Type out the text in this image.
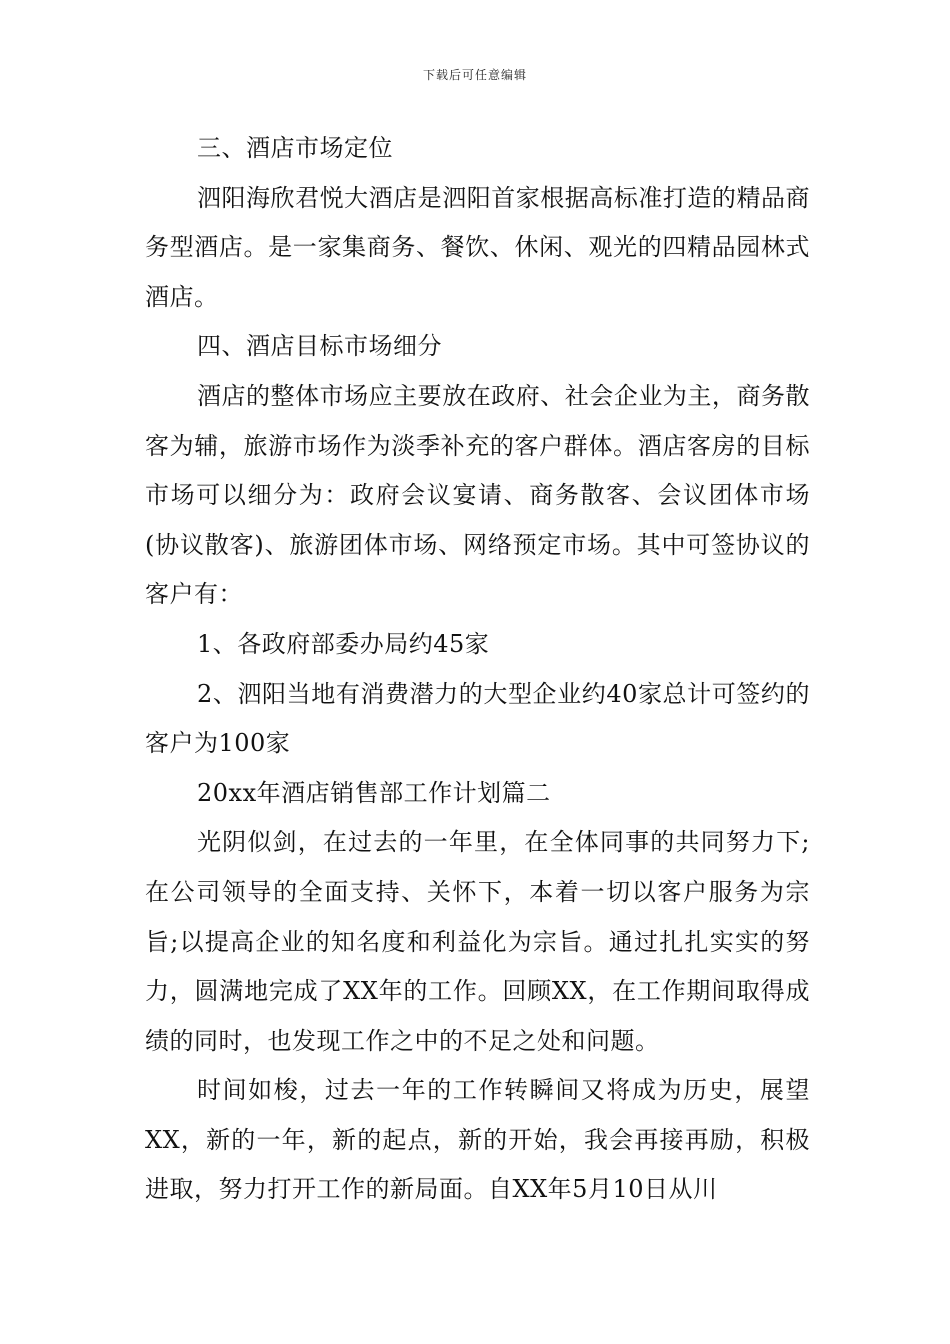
下载后可任意编辑

三、酒店市场定位

泗阳海欣君悦大酒店是泗阳首家根据高标准打造的精品商务型酒店。是一家集商务、餐饮、休闲、观光的四精品园林式酒店。

四、酒店目标市场细分

酒店的整体市场应主要放在政府、社会企业为主，商务散客为辅，旅游市场作为淡季补充的客户群体。酒店客房的目标市场可以细分为：政府会议宴请、商务散客、会议团体市场(协议散客)、旅游团体市场、网络预定市场。其中可签协议的客户有：

1、各政府部委办局约45家

2、泗阳当地有消费潜力的大型企业约40家总计可签约的客户为100家

20xx年酒店销售部工作计划篇二

光阴似剑，在过去的一年里，在全体同事的共同努力下;在公司领导的全面支持、关怀下，本着一切以客户服务为宗旨;以提高企业的知名度和利益化为宗旨。通过扎扎实实的努力，圆满地完成了XX年的工作。回顾XX，在工作期间取得成绩的同时，也发现工作之中的不足之处和问题。

时间如梭，过去一年的工作转瞬间又将成为历史，展望XX，新的一年，新的起点，新的开始，我会再接再励，积极进取，努力打开工作的新局面。自XX年5月10日从川
